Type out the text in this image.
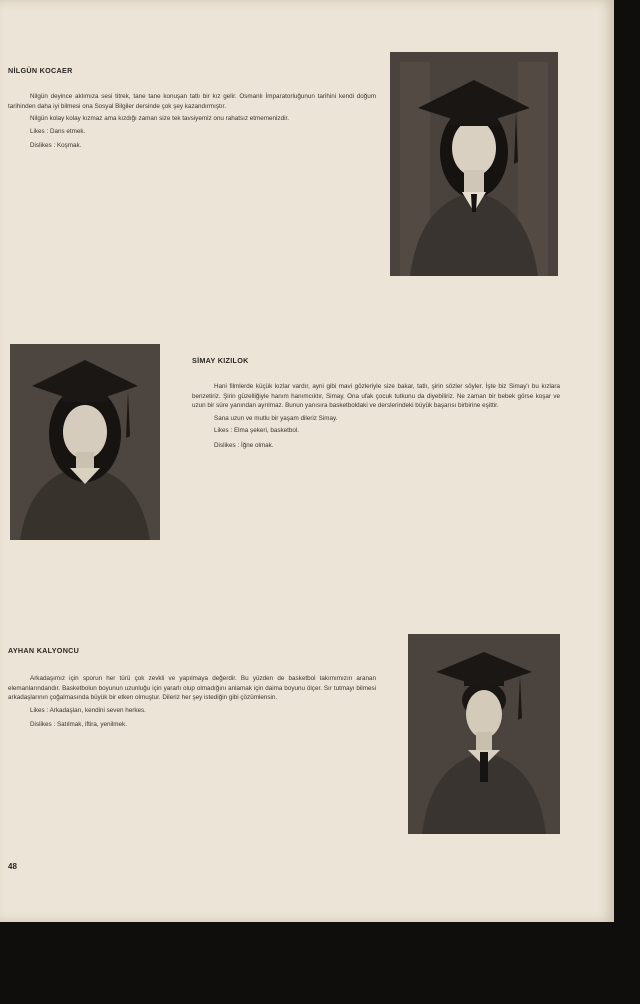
NİLGÜN KOCAER

Nilgün deyince aklımıza sesi titrek, tane tane konuşan tatlı bir kız gelir. Osmanlı İmparatorluğunun tarihini kendi doğum tarihinden daha iyi bilmesi ona Sosyal Bilgiler dersinde çok şey kazandırmıştır.

Nilgün kolay kolay kızmaz ama kızdığı zaman size tek tavsiyemiz onu rahatsız etmemenizdir.

Likes : Dans etmek.

Dislikes : Koşmak.

SİMAY KIZILOK

Hani filmlerde küçük kızlar vardır, ayni gibi mavi gözleriyle size bakar, tatlı, şirin sözler söyler. İşte biz Simay'ı bu kızlara benzetiriz. Şirin güzelliğiyle hanım hanımcıktır, Simay. Ona ufak çocuk tutkunu da diyebiliriz. Ne zaman bir bebek görse koşar ve uzun bir süre yanından ayrılmaz. Bunun yanısıra basketboldaki ve derslerindeki büyük başarısı birbirine eşittir.

Sana uzun ve mutlu bir yaşam dileriz Simay.

Likes : Elma şekeri, basketbol.

Dislikes : İğne olmak.

AYHAN KALYONCU

Arkadaşımız için sporun her türü çok zevkli ve yapılmaya değerdir. Bu yüzden de basketbol takımımızın aranan elemanlarındandır. Basketbolun boyunun uzunluğu için yararlı olup olmadığını anlamak için daima boyunu ölçer. Sır tutmayı bilmesi arkadaşlarının çoğalmasında büyük bir etken olmuştur. Dileriz her şey istediğin gibi çözümlensin.

Likes : Arkadaşları, kendini seven herkes.

Dislikes : Satılmak, iftira, yenilmek.

48
